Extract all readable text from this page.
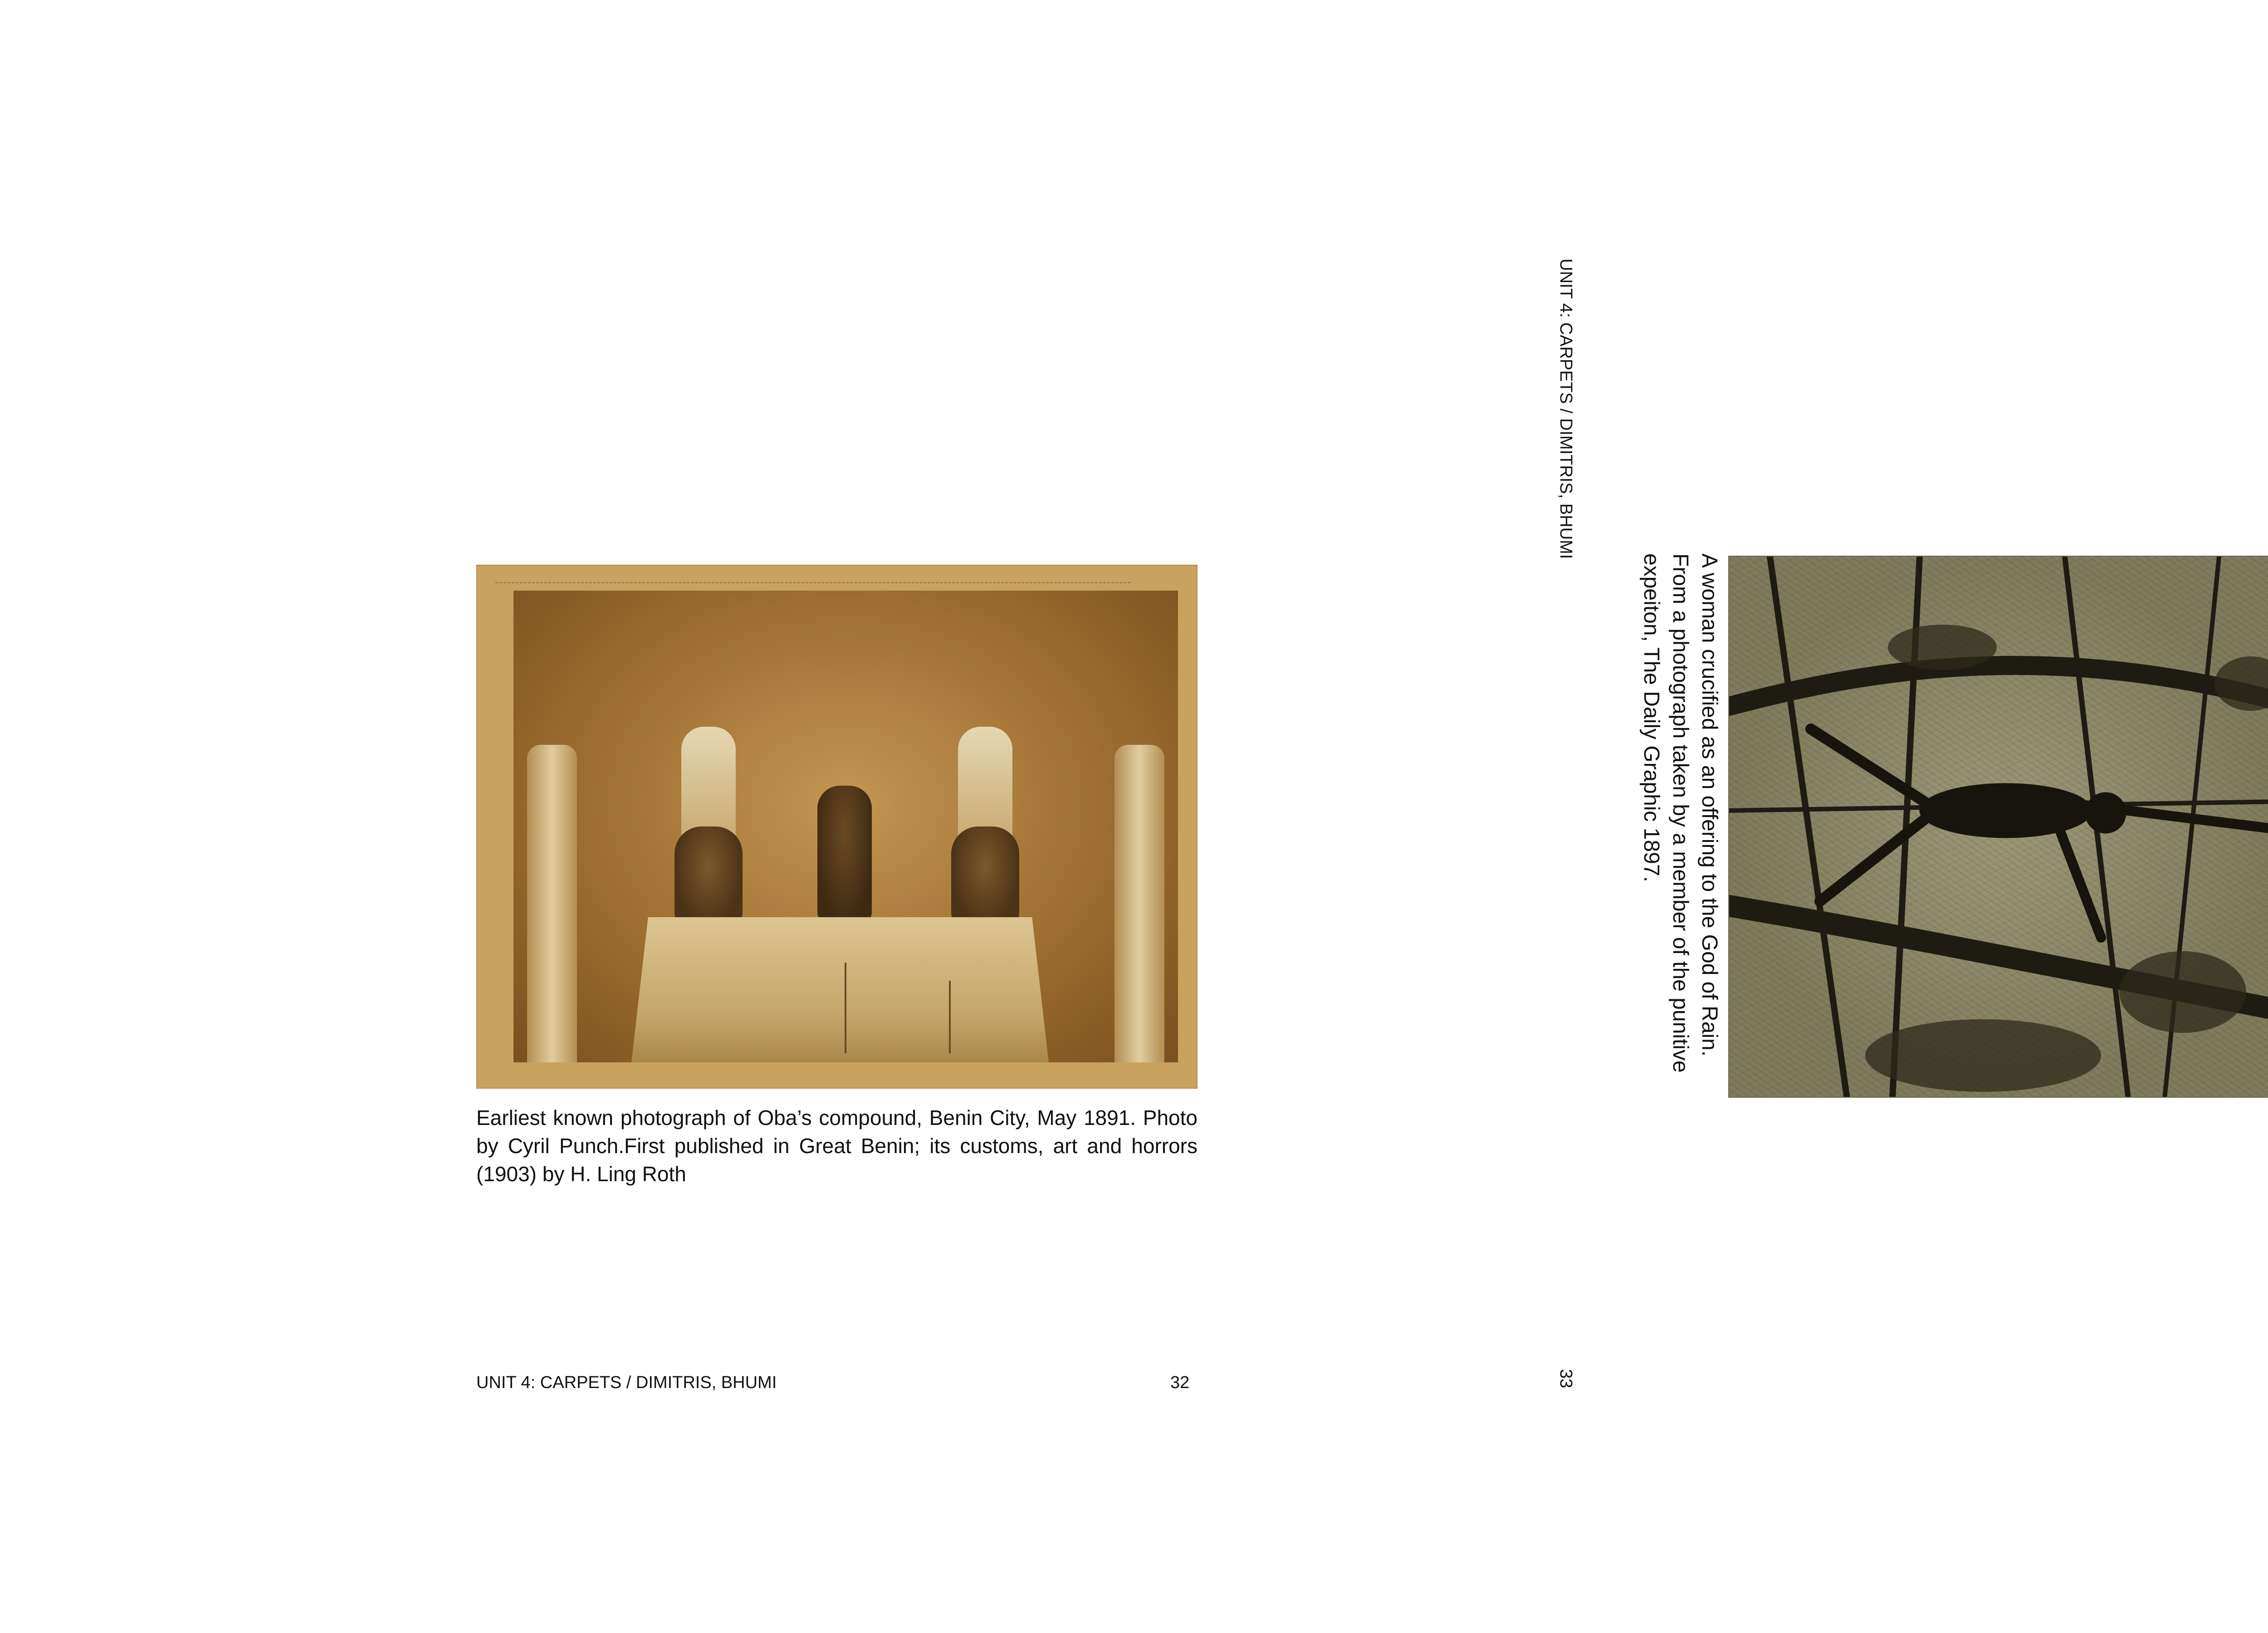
Earliest known photograph of Oba’s compound, Benin City, May 1891. Photo by Cyril Punch.First published in Great Benin; its customs, art and horrors (1903) by H. Ling Roth

UNIT 4: CARPETS / DIMITRIS, BHUMI	32
UNIT 4: CARPETS / DIMITRIS, BHUMI
33
A woman crucified as an offering to the God of Rain.
From a photograph taken by a member of the punitive
expeiton, The Daily Graphic 1897.
